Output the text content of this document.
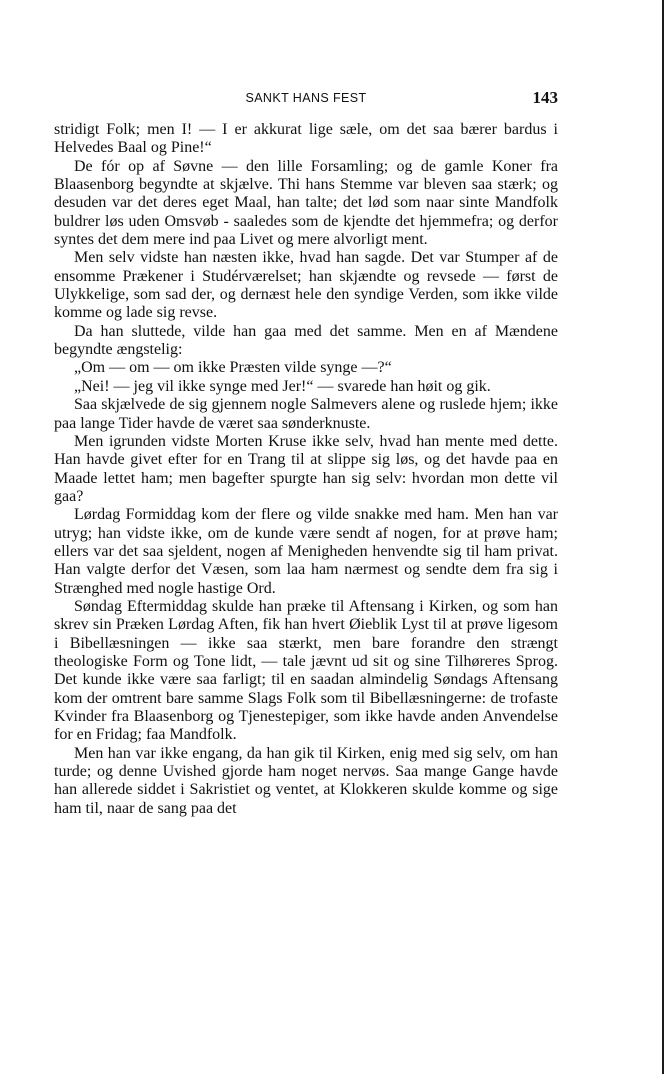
SANKT HANS FEST	143

stridigt Folk; men I! — I er akkurat lige sæle, om det saa bærer bardus i Helvedes Baal og Pine!“

De fór op af Søvne — den lille Forsamling; og de gamle Koner fra Blaasenborg begyndte at skjælve. Thi hans Stemme var bleven saa stærk; og desuden var det deres eget Maal, han talte; det lød som naar sinte Mandfolk buldrer løs uden Omsvøb - saaledes som de kjendte det hjemmefra; og derfor syntes det dem mere ind paa Livet og mere alvorligt ment.

Men selv vidste han næsten ikke, hvad han sagde. Det var Stumper af de ensomme Prækener i Studérværelset; han skjændte og revsede — først de Ulykkelige, som sad der, og dernæst hele den syndige Verden, som ikke vilde komme og lade sig revse.

Da han sluttede, vilde han gaa med det samme. Men en af Mændene begyndte ængstelig:

„Om — om — om ikke Præsten vilde synge —?“

„Nei! — jeg vil ikke synge med Jer!“ — svarede han høit og gik.

Saa skjælvede de sig gjennem nogle Salmevers alene og ruslede hjem; ikke paa lange Tider havde de været saa sønderknuste.

Men igrunden vidste Morten Kruse ikke selv, hvad han mente med dette. Han havde givet efter for en Trang til at slippe sig løs, og det havde paa en Maade lettet ham; men bagefter spurgte han sig selv: hvordan mon dette vil gaa?

Lørdag Formiddag kom der flere og vilde snakke med ham. Men han var utryg; han vidste ikke, om de kunde være sendt af nogen, for at prøve ham; ellers var det saa sjeldent, nogen af Menigheden henvendte sig til ham privat. Han valgte derfor det Væsen, som laa ham nærmest og sendte dem fra sig i Strænghed med nogle hastige Ord.

Søndag Eftermiddag skulde han præke til Aftensang i Kirken, og som han skrev sin Præken Lørdag Aften, fik han hvert Øieblik Lyst til at prøve ligesom i Bibellæsningen — ikke saa stærkt, men bare forandre den strængt theologiske Form og Tone lidt, — tale jævnt ud sit og sine Tilhøreres Sprog. Det kunde ikke være saa farligt; til en saadan almindelig Søndags Aftensang kom der omtrent bare samme Slags Folk som til Bibellæsningerne: de trofaste Kvinder fra Blaasenborg og Tjenestepiger, som ikke havde anden Anvendelse for en Fridag; faa Mandfolk.

Men han var ikke engang, da han gik til Kirken, enig med sig selv, om han turde; og denne Uvished gjorde ham noget nervøs. Saa mange Gange havde han allerede siddet i Sakristiet og ventet, at Klokkeren skulde komme og sige ham til, naar de sang paa det
